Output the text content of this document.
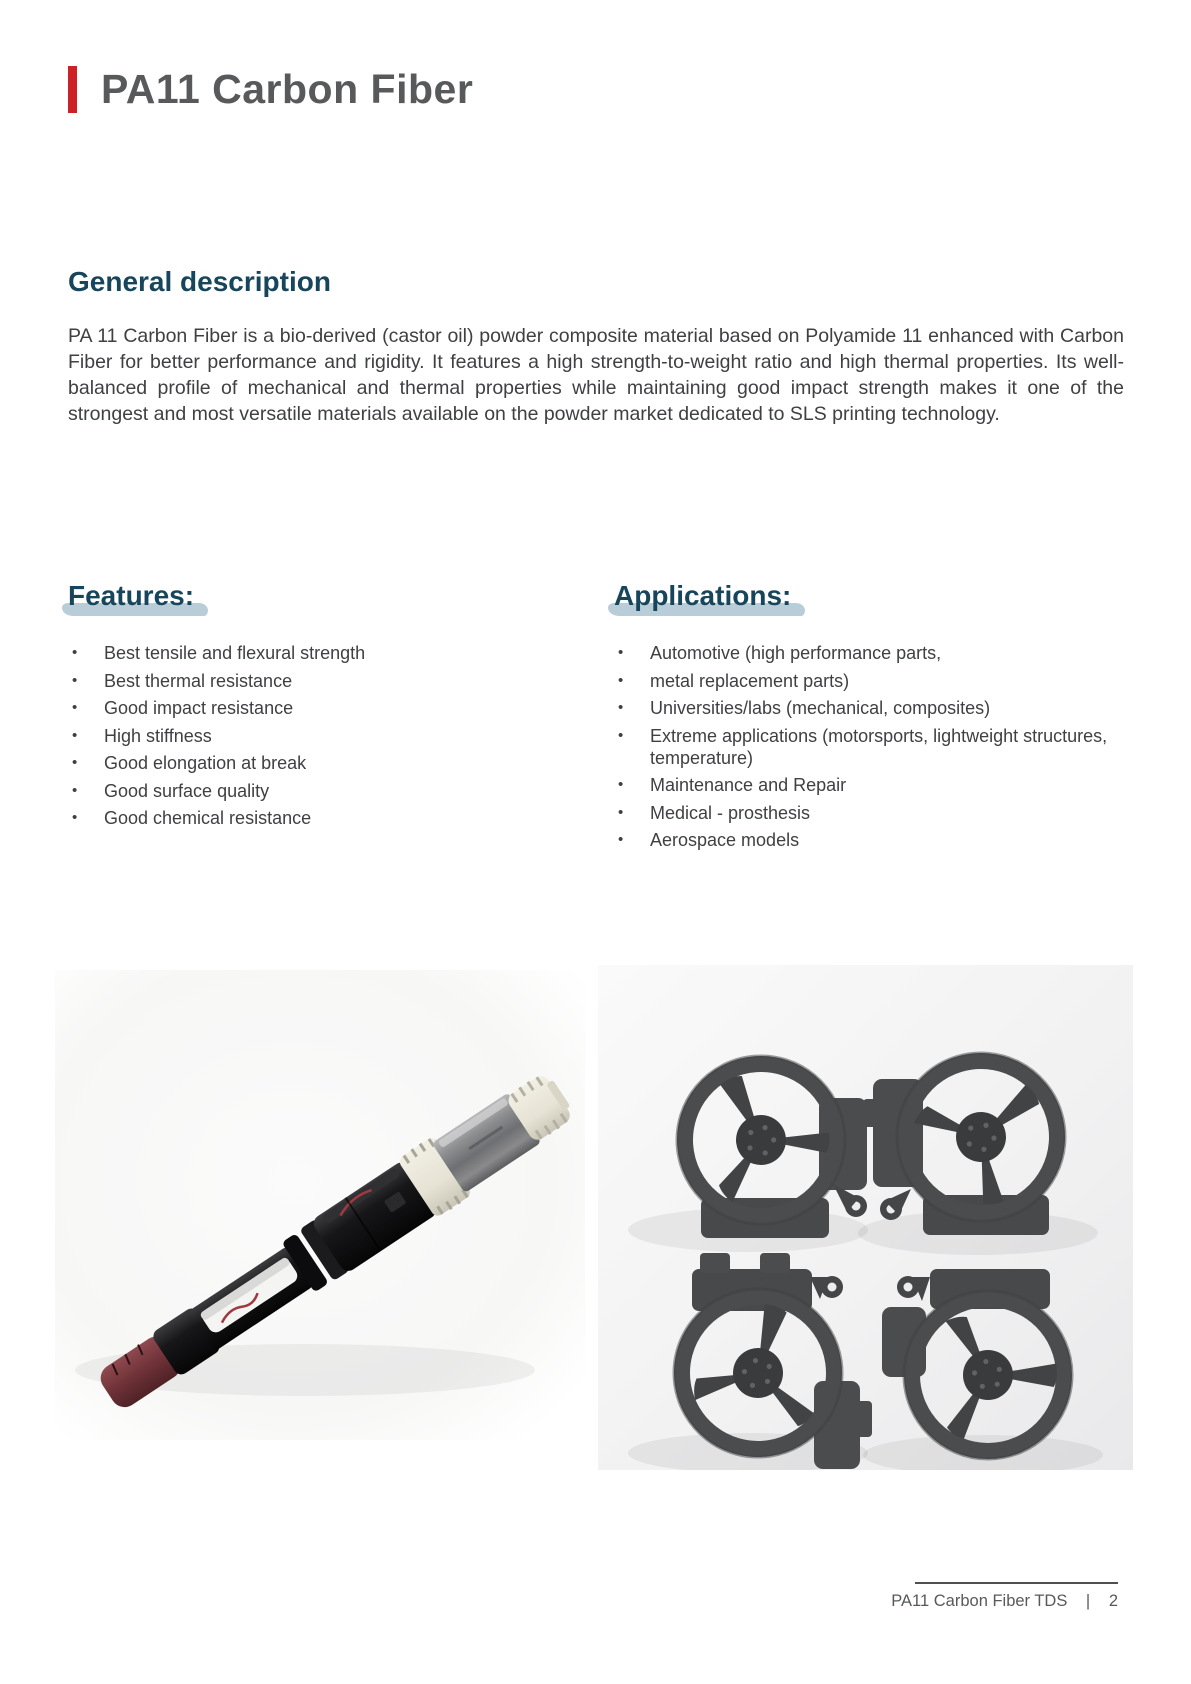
PA11 Carbon Fiber
General description

PA 11 Carbon Fiber is a bio-derived (castor oil) powder composite material based on Polyamide 11 enhanced with Carbon Fiber for better performance and rigidity. It features a high strength-to-weight ratio and high thermal properties. Its well-balanced profile of mechanical and thermal properties while maintaining good impact strength makes it one of the strongest and most versatile materials available on the powder market dedicated to SLS printing technology.

Features:
• Best tensile and flexural strength
• Best thermal resistance
• Good impact resistance
• High stiffness
• Good elongation at break
• Good surface quality
• Good chemical resistance
Applications:
• Automotive (high performance parts,
• metal replacement parts)
• Universities/labs (mechanical, composites)
• Extreme applications (motorsports, lightweight structures, temperature)
• Maintenance and Repair
• Medical - prosthesis
• Aerospace models
PA11 Carbon Fiber TDS | 2
